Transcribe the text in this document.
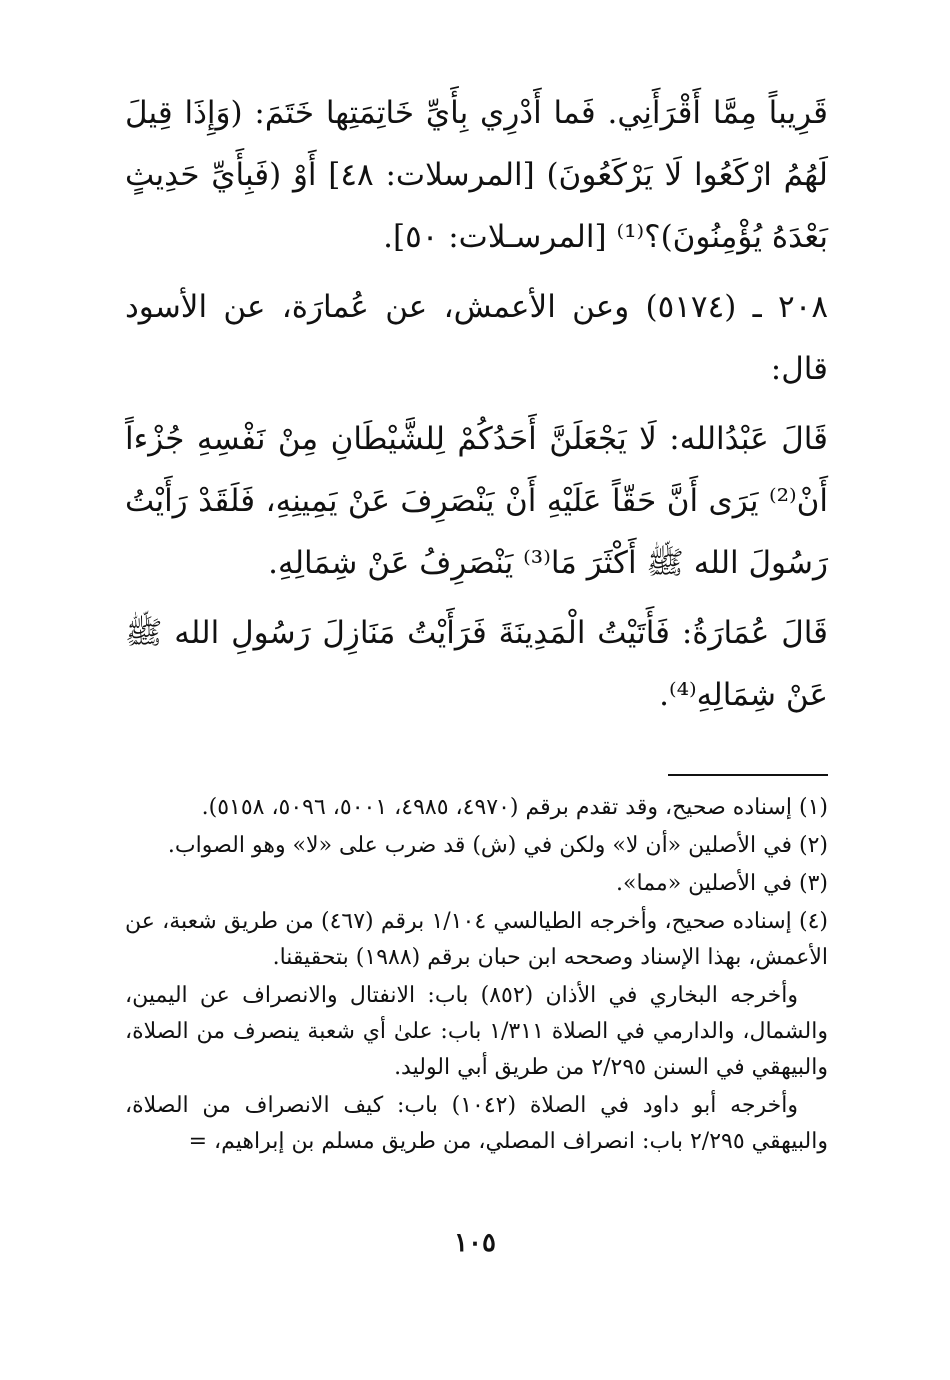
قَرِيباً مِمَّا أَقْرَأَنِي. فَما أَدْرِي بِأَيِّ خَاتِمَتِها خَتَمَ: (وَإِذَا قِيلَ لَهُمُ ارْكَعُوا لَا يَرْكَعُونَ) [المرسلات: ٤٨] أَوْ (فَبِأَيِّ حَدِيثٍ بَعْدَهُ يُؤْمِنُونَ)؟⁽¹⁾ [المرسـلات: ٥٠].

٢٠٨ ـ (٥١٧٤) وعن الأعمش، عن عُمارَة، عن الأسود قال:

قَالَ عَبْدُالله: لَا يَجْعَلَنَّ أَحَدُكُمْ لِلشَّيْطَانِ مِنْ نَفْسِهِ جُزْءاً أَنْ⁽²⁾ يَرَى أَنَّ حَقّاً عَلَيْهِ أَنْ يَنْصَرِفَ عَنْ يَمِينِهِ، فَلَقَدْ رَأَيْتُ رَسُولَ الله ﷺ أَكْثَرَ مَا⁽³⁾ يَنْصَرِفُ عَنْ شِمَالِهِ.

قَالَ عُمَارَةُ: فَأَتَيْتُ الْمَدِينَةَ فَرَأَيْتُ مَنَازِلَ رَسُولِ الله ﷺ عَنْ شِمَالِهِ⁽⁴⁾.

(١) إسناده صحيح، وقد تقدم برقم (٤٩٧٠، ٤٩٨٥، ٥٠٠١، ٥٠٩٦، ٥١٥٨).

(٢) في الأصلين «أن لا» ولكن في (ش) قد ضرب على «لا» وهو الصواب.

(٣) في الأصلين «مما».

(٤) إسناده صحيح، وأخرجه الطيالسي ١/١٠٤ برقم (٤٦٧) من طريق شعبة، عن الأعمش، بهذا الإسناد وصححه ابن حبان برقم (١٩٨٨) بتحقيقنا.

وأخرجه البخاري في الأذان (٨٥٢) باب: الانفتال والانصراف عن اليمين، والشمال، والدارمي في الصلاة ١/٣١١ باب: علىٰ أي شعبة ينصرف من الصلاة، والبيهقي في السنن ٢/٢٩٥ من طريق أبي الوليد.

وأخرجه أبو داود في الصلاة (١٠٤٢) باب: كيف الانصراف من الصلاة، والبيهقي ٢/٢٩٥ باب: انصراف المصلي، من طريق مسلم بن إبراهيم، =

١٠٥
